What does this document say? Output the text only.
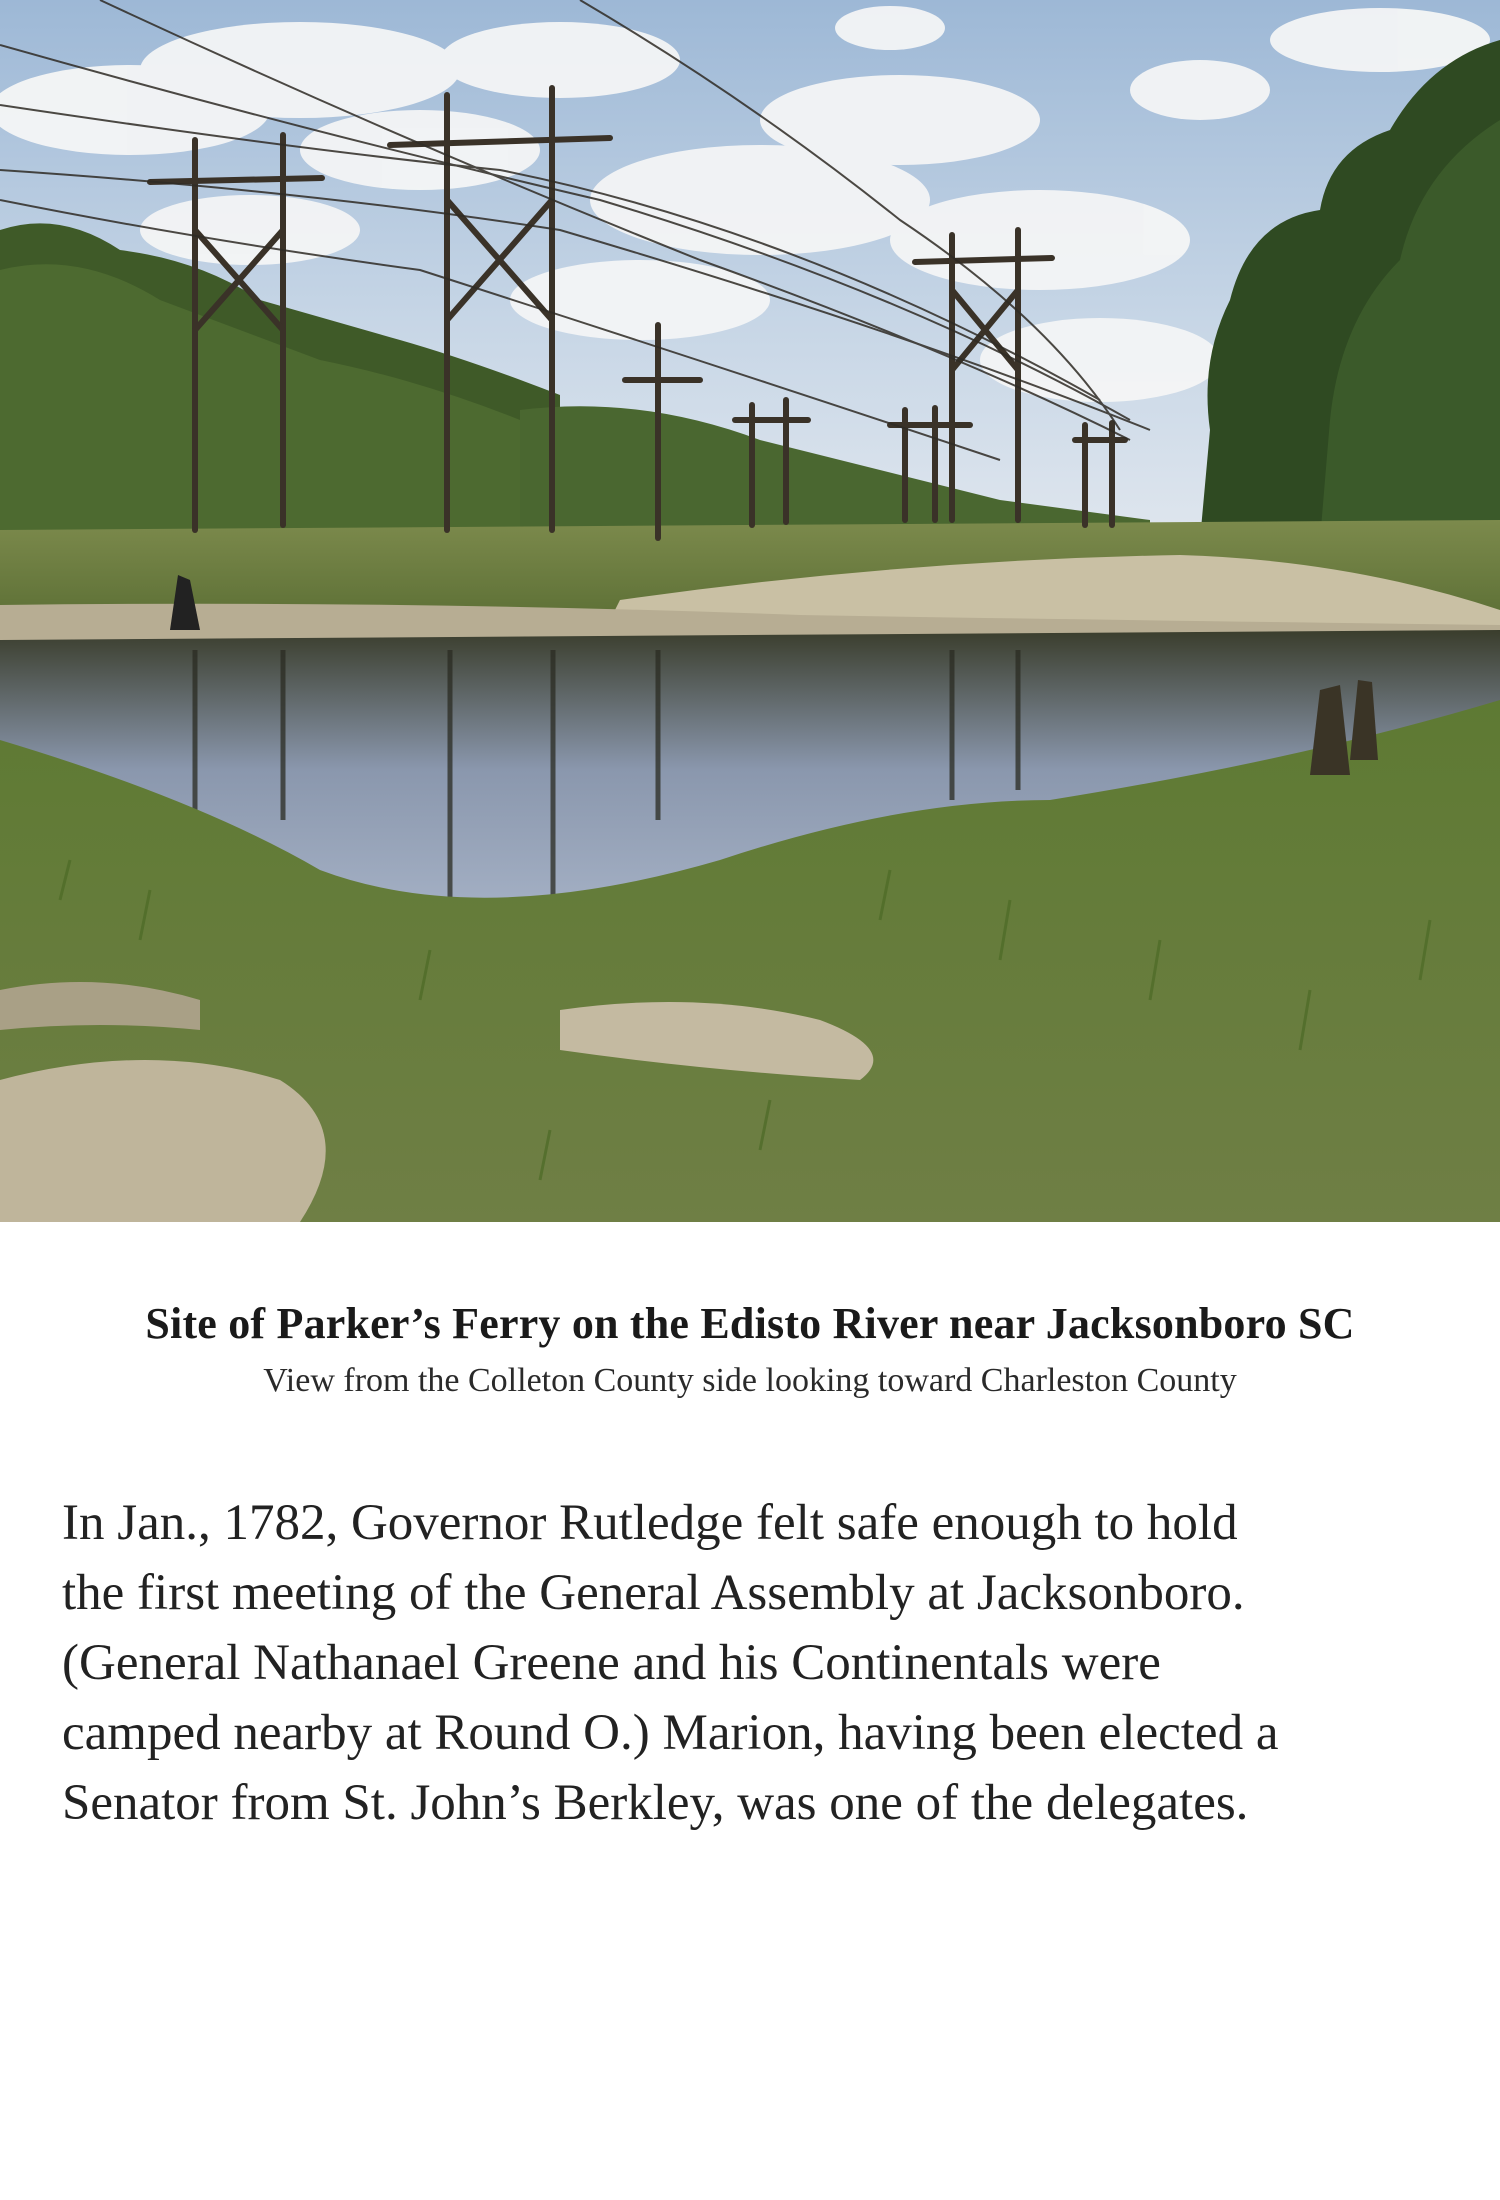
Site of Parker’s Ferry on the Edisto River near Jacksonboro SC
View from the Colleton County side looking toward Charleston County

In Jan., 1782, Governor Rutledge felt safe enough to hold

the first meeting of the General Assembly at Jacksonboro.

(General Nathanael Greene and his Continentals were

camped nearby at Round O.) Marion, having been elected a

Senator from St. John’s Berkley, was one of the delegates.
